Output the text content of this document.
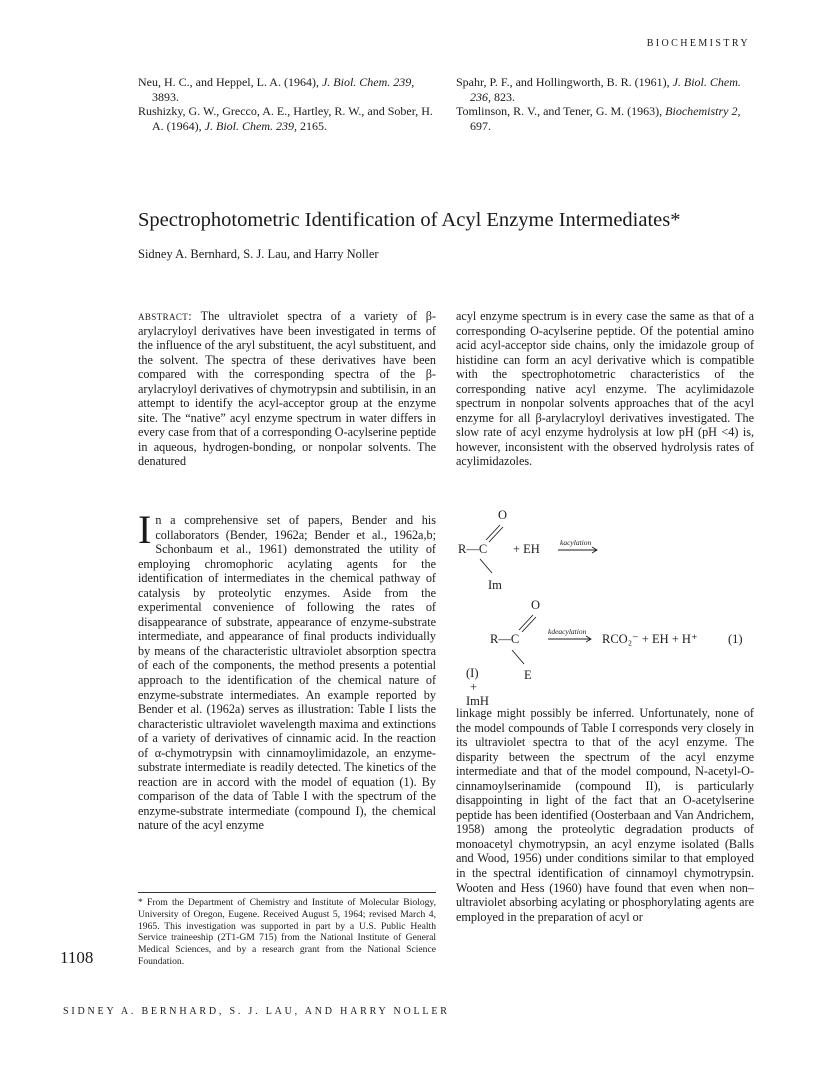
BIOCHEMISTRY
Neu, H. C., and Heppel, L. A. (1964), J. Biol. Chem. 239, 3893.
Rushizky, G. W., Grecco, A. E., Hartley, R. W., and Sober, H. A. (1964), J. Biol. Chem. 239, 2165.
Spahr, P. F., and Hollingworth, B. R. (1961), J. Biol. Chem. 236, 823.
Tomlinson, R. V., and Tener, G. M. (1963), Biochemistry 2, 697.
Spectrophotometric Identification of Acyl Enzyme Intermediates*
Sidney A. Bernhard, S. J. Lau, and Harry Noller
abstract: The ultraviolet spectra of a variety of β-arylacryloyl derivatives have been investigated in terms of the influence of the aryl substituent, the acyl substituent, and the solvent. The spectra of these derivatives have been compared with the corresponding spectra of the β-arylacryloyl derivatives of chymotrypsin and subtilisin, in an attempt to identify the acyl-acceptor group at the enzyme site. The “native” acyl enzyme spectrum in water differs in every case from that of a corresponding O-acylserine peptide in aqueous, hydrogen-bonding, or nonpolar solvents. The denatured
acyl enzyme spectrum is in every case the same as that of a corresponding O-acylserine peptide. Of the potential amino acid acyl-acceptor side chains, only the imidazole group of histidine can form an acyl derivative which is compatible with the spectrophotometric characteristics of the corresponding native acyl enzyme. The acylimidazole spectrum in nonpolar solvents approaches that of the acyl enzyme for all β-arylacryloyl derivatives investigated. The slow rate of acyl enzyme hydrolysis at low pH (pH <4) is, however, inconsistent with the observed hydrolysis rates of acylimidazoles.
I n a comprehensive set of papers, Bender and his collaborators (Bender, 1962a; Bender et al., 1962a,b; Schonbaum et al., 1961) demonstrated the utility of employing chromophoric acylating agents for the identification of intermediates in the chemical pathway of catalysis by proteolytic enzymes. Aside from the experimental convenience of following the rates of disappearance of substrate, appearance of enzyme-substrate intermediate, and appearance of final products individually by means of the characteristic ultraviolet absorption spectra of each of the components, the method presents a potential approach to the identification of the chemical nature of enzyme-substrate intermediates. An example reported by Bender et al. (1962a) serves as illustration: Table I lists the characteristic ultraviolet wavelength maxima and extinctions of a variety of derivatives of cinnamic acid. In the reaction of α-chymotrypsin with cinnamoylimidazole, an enzyme-substrate intermediate is readily detected. The kinetics of the reaction are in accord with the model of equation (1). By comparison of the data of Table I with the spectrum of the enzyme-substrate intermediate (compound I), the chemical nature of the acyl enzyme
O
R—C + EH	kacylation
Im
O
R—C
kdeacylation
RCO₂⁻ + EH + H⁺ (1)
E
(I)
+
ImH
linkage might possibly be inferred. Unfortunately, none of the model compounds of Table I corresponds very closely in its ultraviolet spectra to that of the acyl enzyme. The disparity between the spectrum of the acyl enzyme intermediate and that of the model compound, N-acetyl-O-cinnamoylserinamide (compound II), is particularly disappointing in light of the fact that an O-acetylserine peptide has been identified (Oosterbaan and Van Andrichem, 1958) among the proteolytic degradation products of monoacetyl chymotrypsin, an acyl enzyme isolated (Balls and Wood, 1956) under conditions similar to that employed in the spectral identification of cinnamoyl chymotrypsin. Wooten and Hess (1960) have found that even when non–ultraviolet absorbing acylating or phosphorylating agents are employed in the preparation of acyl or
* From the Department of Chemistry and Institute of Molecular Biology, University of Oregon, Eugene. Received August 5, 1964; revised March 4, 1965. This investigation was supported in part by a U.S. Public Health Service traineeship (2T1-GM 715) from the National Institute of General Medical Sciences, and by a research grant from the National Science Foundation.
1108
SIDNEY A. BERNHARD, S. J. LAU, AND HARRY NOLLER
